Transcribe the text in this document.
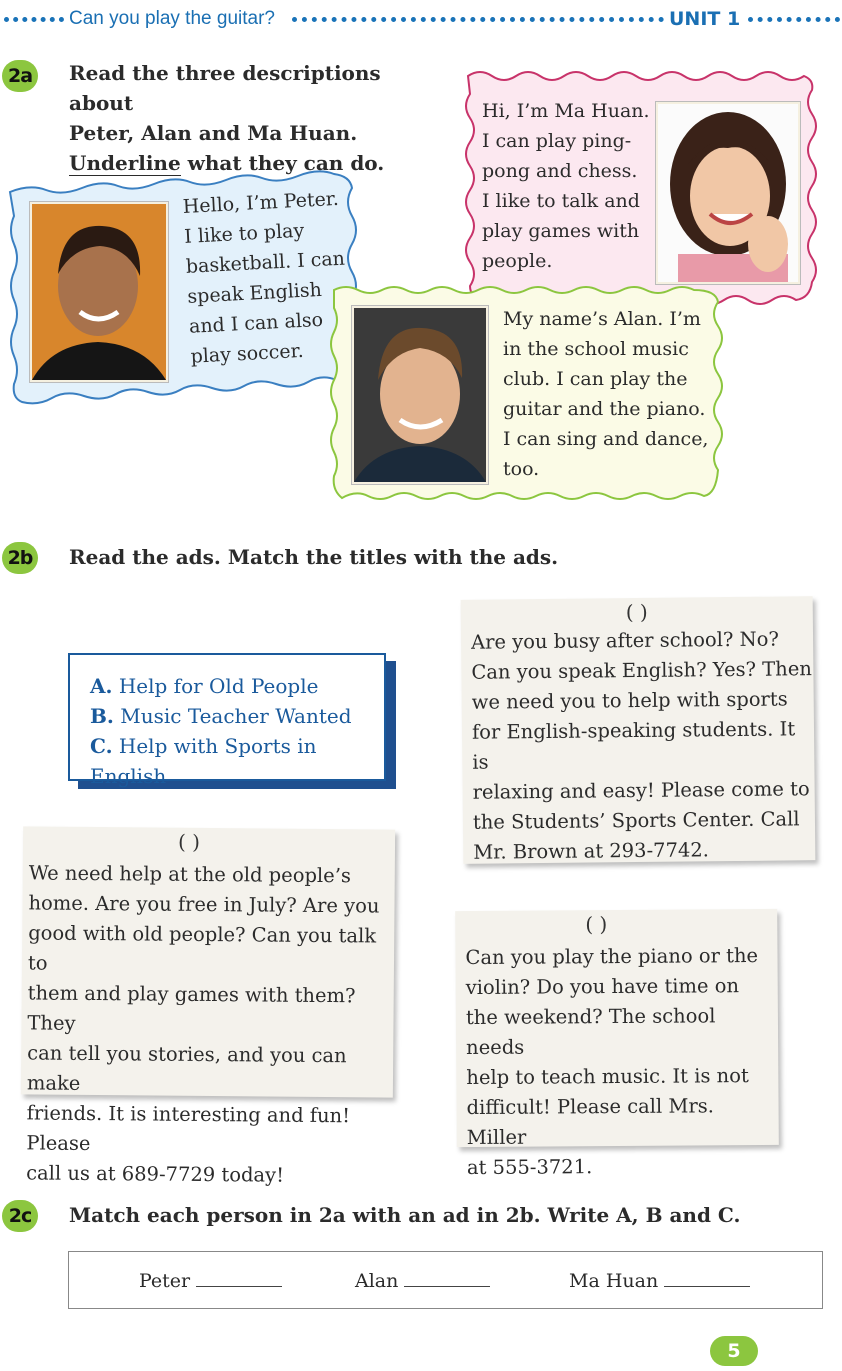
Can you play the guitar?	UNIT 1
2a Read the three descriptions about
Peter, Alan and Ma Huan.
Underline what they can do.
Hi, I’m Ma Huan.
I can play ping-
pong and chess.
I like to talk and
play games with
people.
Hello, I’m Peter.
I like to play
basketball. I can
speak English
and I can also
play soccer.
My name’s Alan. I’m
in the school music
club. I can play the
guitar and the piano.
I can sing and dance,
too.
2b Read the ads. Match the titles with the ads.
A. Help for Old People
B. Music Teacher Wanted
C. Help with Sports in English
( )
Are you busy after school? No?
Can you speak English? Yes? Then
we need you to help with sports
for English-speaking students. It is
relaxing and easy! Please come to
the Students’ Sports Center. Call
Mr. Brown at 293-7742.
( )
We need help at the old people’s
home. Are you free in July? Are you
good with old people? Can you talk to
them and play games with them? They
can tell you stories, and you can make
friends. It is interesting and fun! Please
call us at 689-7729 today!
( )
Can you play the piano or the
violin? Do you have time on
the weekend? The school needs
help to teach music. It is not
difficult! Please call Mrs. Miller
at 555-3721.
2c	Match each person in 2a with an ad in 2b. Write A, B and C.
Peter	Alan	Ma Huan
5
